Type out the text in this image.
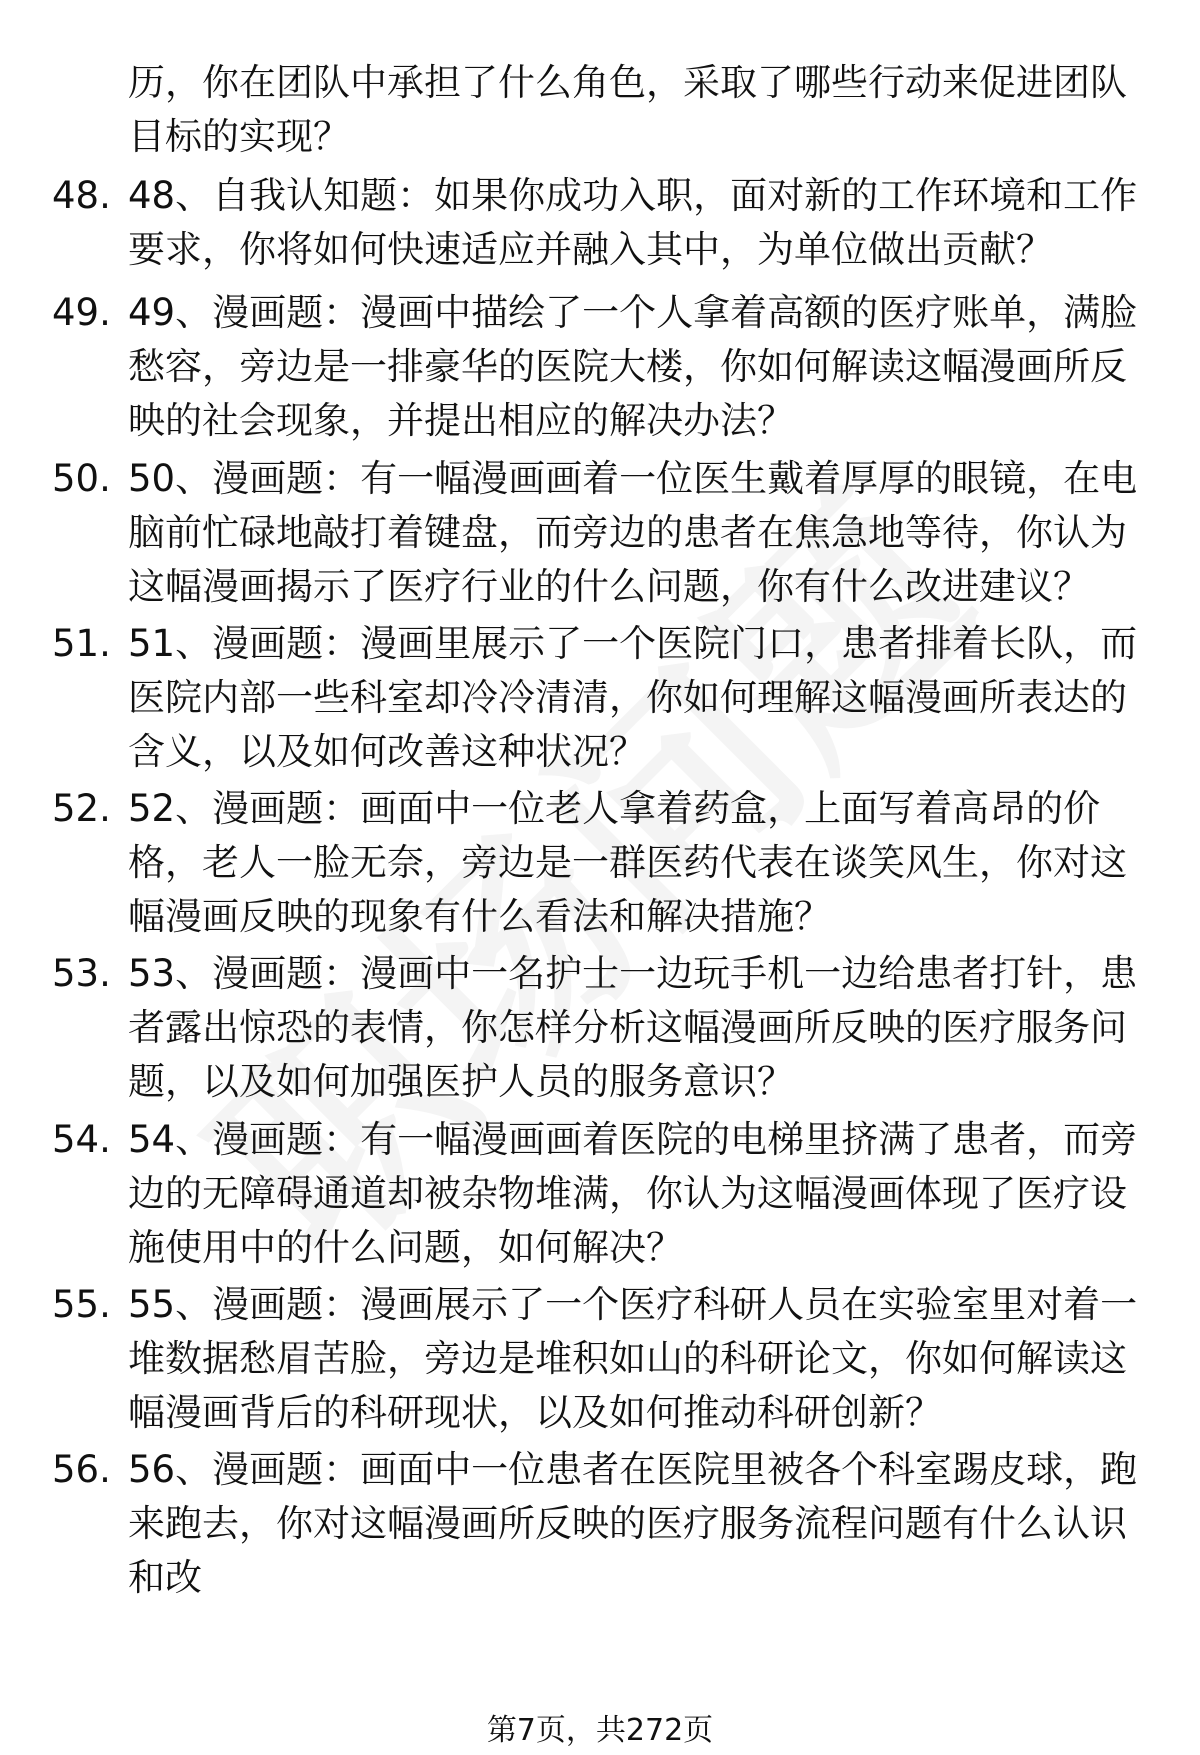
历，你在团队中承担了什么角色，采取了哪些行动来促进团队目标的实现？
48. 48、自我认知题：如果你成功入职，面对新的工作环境和工作要求，你将如何快速适应并融入其中，为单位做出贡献？
49. 49、漫画题：漫画中描绘了一个人拿着高额的医疗账单，满脸愁容，旁边是一排豪华的医院大楼，你如何解读这幅漫画所反映的社会现象，并提出相应的解决办法？
50. 50、漫画题：有一幅漫画画着一位医生戴着厚厚的眼镜，在电脑前忙碌地敲打着键盘，而旁边的患者在焦急地等待，你认为这幅漫画揭示了医疗行业的什么问题，你有什么改进建议？
51. 51、漫画题：漫画里展示了一个医院门口，患者排着长队，而医院内部一些科室却冷冷清清，你如何理解这幅漫画所表达的含义，以及如何改善这种状况？
52. 52、漫画题：画面中一位老人拿着药盒，上面写着高昂的价格，老人一脸无奈，旁边是一群医药代表在谈笑风生，你对这幅漫画反映的现象有什么看法和解决措施？
53. 53、漫画题：漫画中一名护士一边玩手机一边给患者打针，患者露出惊恐的表情，你怎样分析这幅漫画所反映的医疗服务问题，以及如何加强医护人员的服务意识？
54. 54、漫画题：有一幅漫画画着医院的电梯里挤满了患者，而旁边的无障碍通道却被杂物堆满，你认为这幅漫画体现了医疗设施使用中的什么问题，如何解决？
55. 55、漫画题：漫画展示了一个医疗科研人员在实验室里对着一堆数据愁眉苦脸，旁边是堆积如山的科研论文，你如何解读这幅漫画背后的科研现状，以及如何推动科研创新？
56. 56、漫画题：画面中一位患者在医院里被各个科室踢皮球，跑来跑去，你对这幅漫画所反映的医疗服务流程问题有什么认识和改
第7页，共272页
